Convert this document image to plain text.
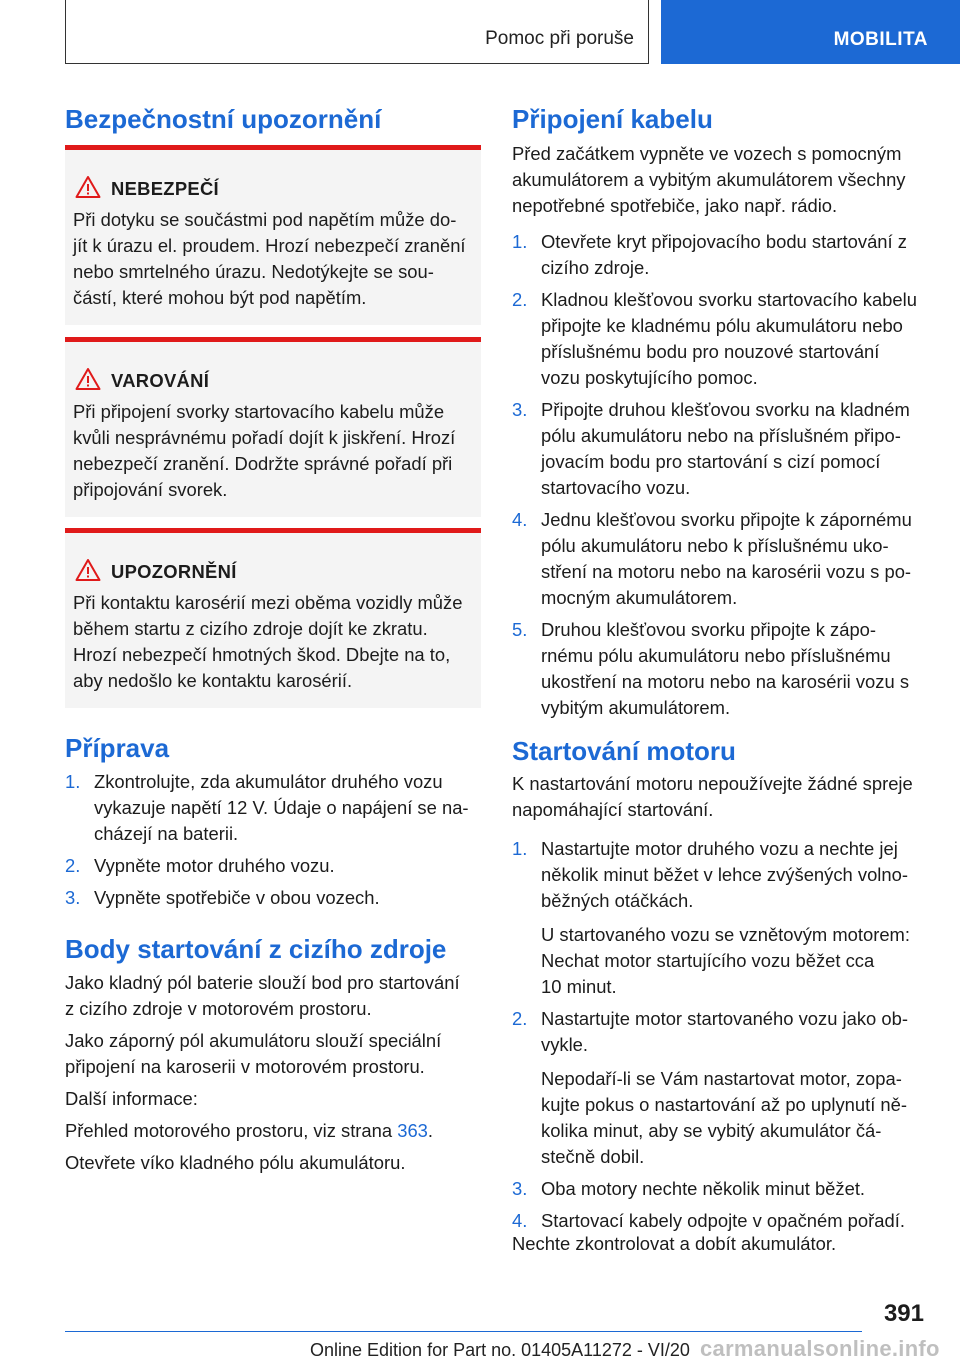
Pomoc při poruše	MOBILITA
Bezpečnostní upozornění
NEBEZPEČÍ
Při dotyku se součástmi pod napětím může do-
jít k úrazu el. proudem. Hrozí nebezpečí zranění
nebo smrtelného úrazu. Nedotýkejte se sou-
částí, které mohou být pod napětím.
VAROVÁNÍ
Při připojení svorky startovacího kabelu může
kvůli nesprávnému pořadí dojít k jiskření. Hrozí
nebezpečí zranění. Dodržte správné pořadí při
připojování svorek.
UPOZORNĚNÍ
Při kontaktu karosérií mezi oběma vozidly může
během startu z cizího zdroje dojít ke zkratu.
Hrozí nebezpečí hmotných škod. Dbejte na to,
aby nedošlo ke kontaktu karosérií.
Příprava
1. Zkontrolujte, zda akumulátor druhého vozu
vykazuje napětí 12 V. Údaje o napájení se na-
cházejí na baterii.
2. Vypněte motor druhého vozu.
3. Vypněte spotřebiče v obou vozech.
Body startování z cizího zdroje
Jako kladný pól baterie slouží bod pro startování
z cizího zdroje v motorovém prostoru.
Jako záporný pól akumulátoru slouží speciální
připojení na karoserii v motorovém prostoru.
Další informace:
Přehled motorového prostoru, viz strana 363.
Otevřete víko kladného pólu akumulátoru.
Připojení kabelu
Před začátkem vypněte ve vozech s pomocným
akumulátorem a vybitým akumulátorem všechny
nepotřebné spotřebiče, jako např. rádio.
1. Otevřete kryt připojovacího bodu startování z
cizího zdroje.
2. Kladnou klešťovou svorku startovacího kabelu
připojte ke kladnému pólu akumulátoru nebo
příslušnému bodu pro nouzové startování
vozu poskytujícího pomoc.
3. Připojte druhou klešťovou svorku na kladném
pólu akumulátoru nebo na příslušném připo-
jovacím bodu pro startování s cizí pomocí
startovacího vozu.
4. Jednu klešťovou svorku připojte k zápornému
pólu akumulátoru nebo k příslušnému uko-
stření na motoru nebo na karosérii vozu s po-
mocným akumulátorem.
5. Druhou klešťovou svorku připojte k zápo-
rnému pólu akumulátoru nebo příslušnému
ukostření na motoru nebo na karosérii vozu s
vybitým akumulátorem.
Startování motoru
K nastartování motoru nepoužívejte žádné spreje
napomáhající startování.
1. Nastartujte motor druhého vozu a nechte jej
několik minut běžet v lehce zvýšených volno-
běžných otáčkách.
U startovaného vozu se vznětovým motorem:
Nechat motor startujícího vozu běžet cca
10 minut.
2. Nastartujte motor startovaného vozu jako ob-
vykle.
Nepodaří-li se Vám nastartovat motor, zopa-
kujte pokus o nastartování až po uplynutí ně-
kolika minut, aby se vybitý akumulátor čá-
stečně dobil.
3. Oba motory nechte několik minut běžet.
4. Startovací kabely odpojte v opačném pořadí.
Nechte zkontrolovat a dobít akumulátor.
391
Online Edition for Part no. 01405A11272 - VI/20 carmanualsonline.info
